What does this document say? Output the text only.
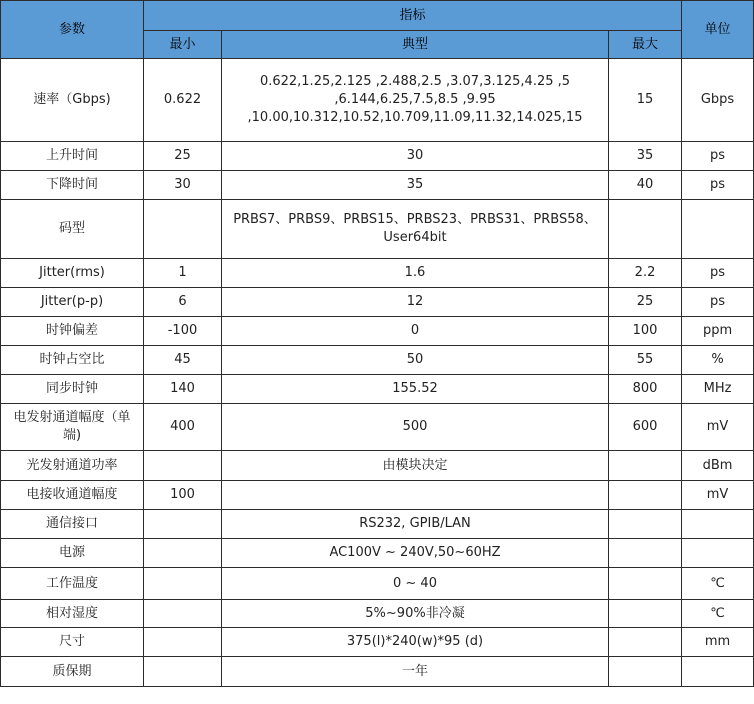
参数	指标			单位
	最小	典型	最大	
速率（Gbps)	0.622	0.622,1.25,2.125 ,2.488,2.5 ,3.07,3.125,4.25 ,5
,6.144,6.25,7.5,8.5 ,9.95
,10.00,10.312,10.52,10.709,11.09,11.32,14.025,15	15	Gbps
上升时间	25	30	35	ps
下降时间	30	35	40	ps
码型		PRBS7、PRBS9、PRBS15、PRBS23、PRBS31、PRBS58、
User64bit		

Jitter(rms)	1	1.6	2.2	ps
Jitter(p-p)	6	12	25	ps
时钟偏差	-100	0	100	ppm
时钟占空比	45	50	55	%
同步时钟	140	155.52	800	MHz

电发射通道幅度（单
端)	400	500	600	mV
光发射通道功率		由模块决定		dBm
电接收通道幅度	100			mV
通信接口		RS232, GPIB/LAN		
电源		AC100V ~ 240V,50~60HZ		
工作温度		0 ~ 40		℃
相对湿度		5%~90%非冷凝		℃
尺寸		375(l)*240(w)*95 (d)		mm
质保期		一年		
